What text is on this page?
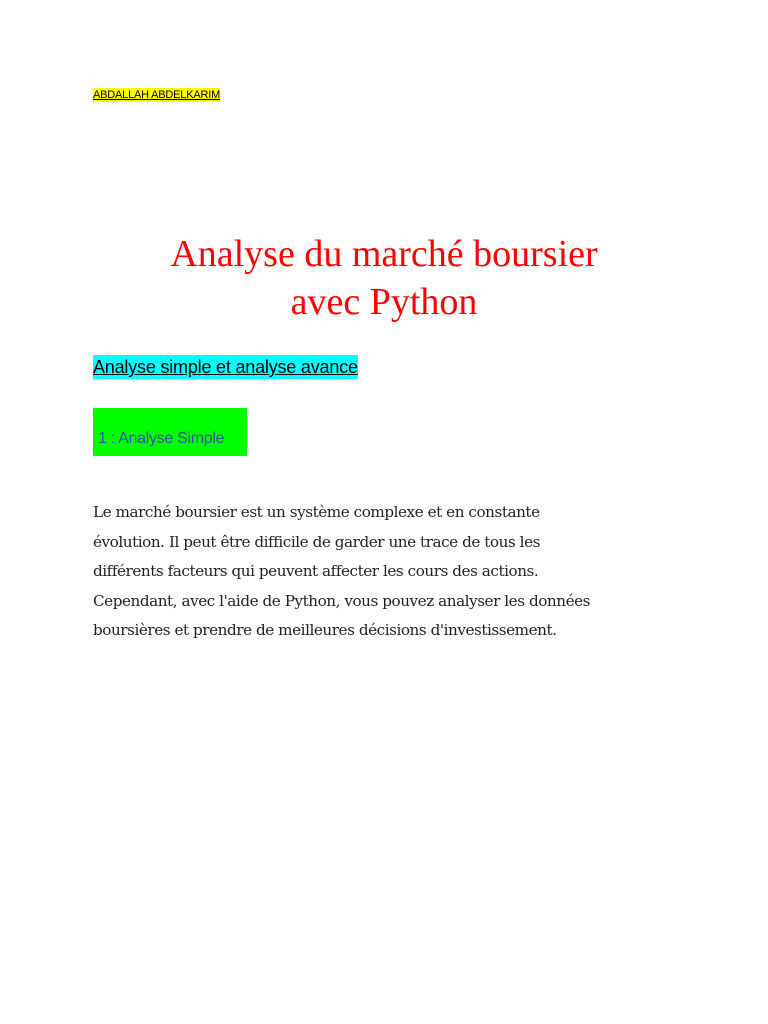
ABDALLAH ABDELKARIM
Analyse du marché boursier
avec Python
Analyse simple et analyse avance
1 : Analyse Simple

Le marché boursier est un système complexe et en constante
évolution. Il peut être difficile de garder une trace de tous les
différents facteurs qui peuvent affecter les cours des actions.
Cependant, avec l'aide de Python, vous pouvez analyser les données
boursières et prendre de meilleures décisions d'investissement.
